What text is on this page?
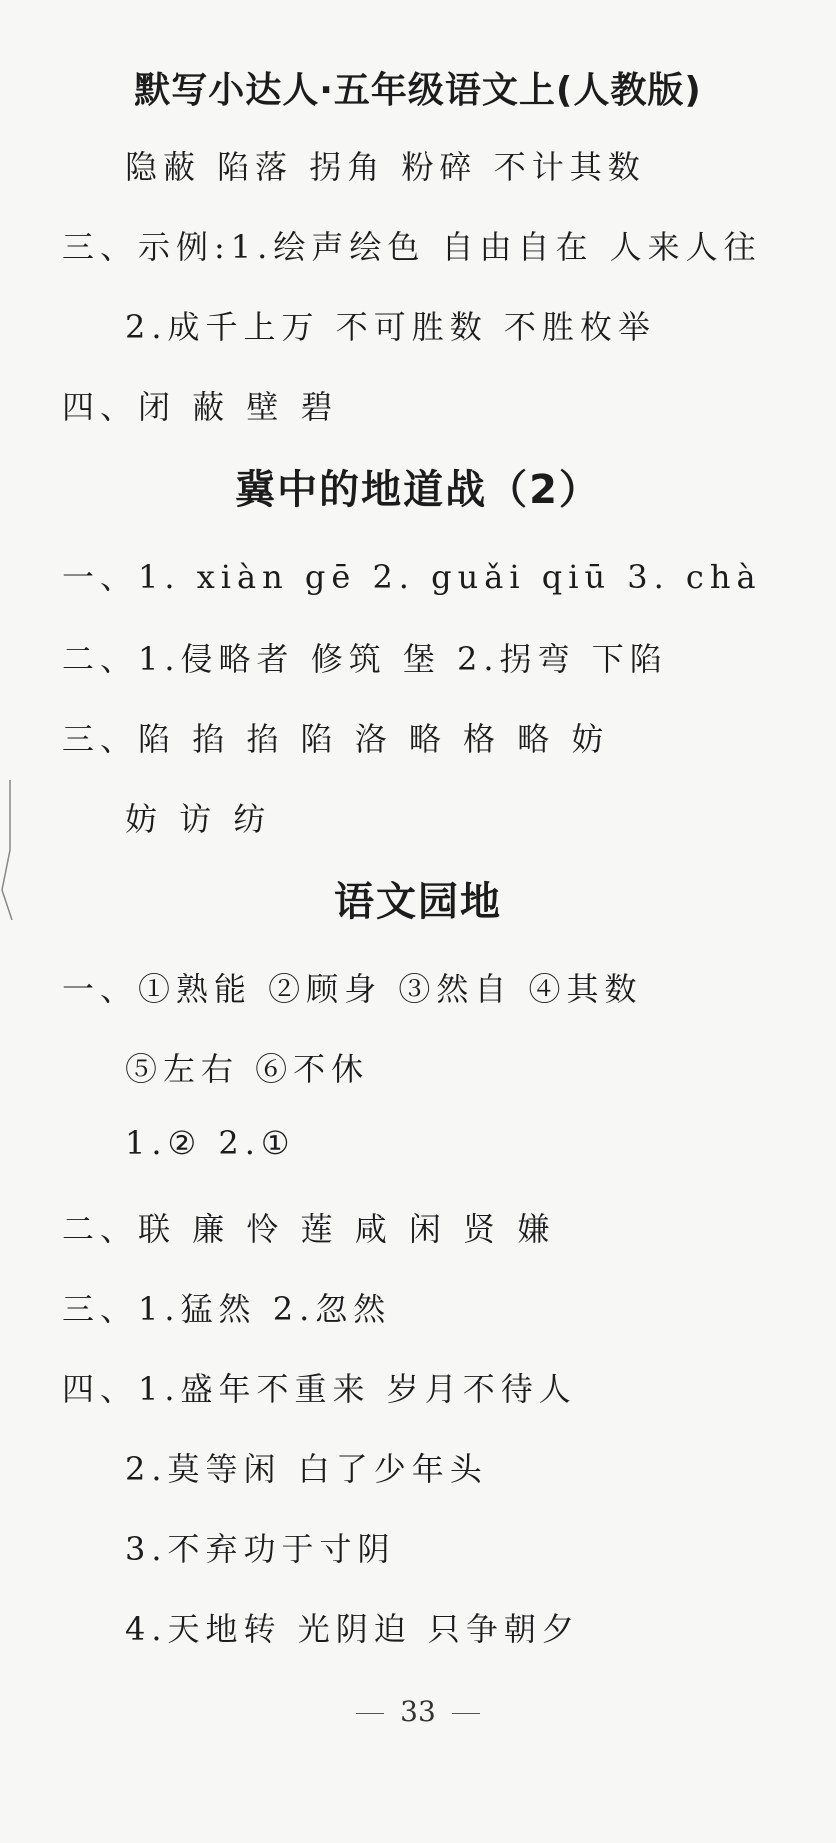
默写小达人·五年级语文上(人教版)
隐蔽 陷落 拐角 粉碎 不计其数
三、示例:1.绘声绘色 自由自在 人来人往
2.成千上万 不可胜数 不胜枚举
四、闭 蔽 壁 碧
冀中的地道战（2）
一、1. xiàn gē 2. guǎi qiū 3. chà
二、1.侵略者 修筑 堡 2.拐弯 下陷
三、陷 掐 掐 陷 洛 略 格 略 妨
妨 访 纺
语文园地
一、①熟能 ②顾身 ③然自 ④其数
⑤左右 ⑥不休
1.② 2.①
二、联 廉 怜 莲 咸 闲 贤 嫌
三、1.猛然 2.忽然
四、1.盛年不重来 岁月不待人
2.莫等闲 白了少年头
3.不弃功于寸阴
4.天地转 光阴迫 只争朝夕
33
